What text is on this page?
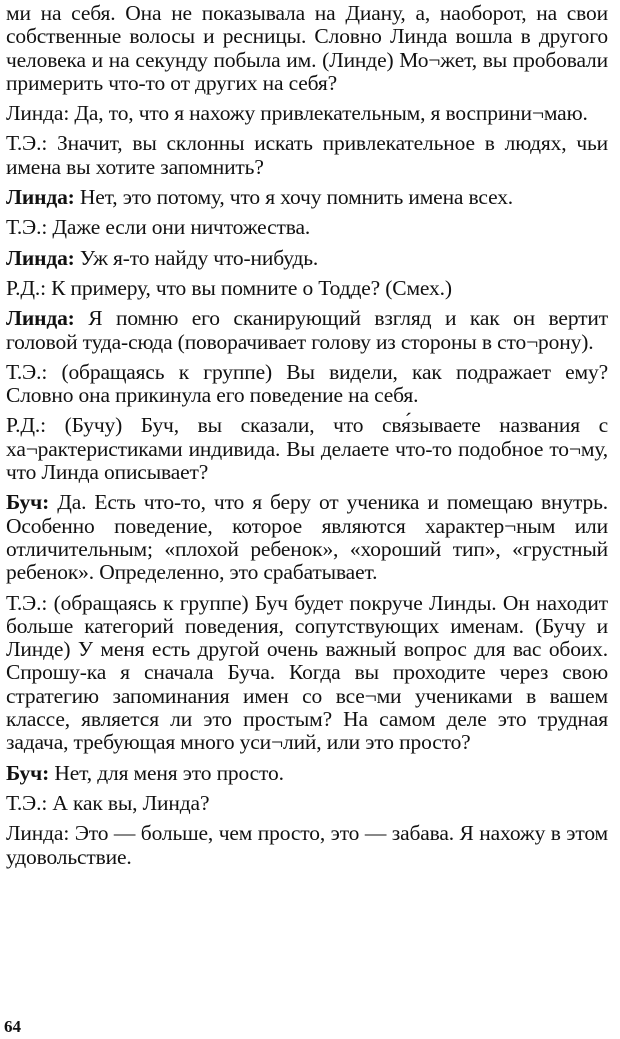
ми на себя. Она не показывала на Диану, а, наоборот, на свои собственные волосы и ресницы. Словно Линда вошла в другого человека и на секунду побыла им. (Линде) Мо¬жет, вы пробовали примерить что-то от других на себя?

Линда: Да, то, что я нахожу привлекательным, я восприни¬маю.

Т.Э.: Значит, вы склонны искать привлекательное в людях, чьи имена вы хотите запомнить?

Линда: Нет, это потому, что я хочу помнить имена всех.

Т.Э.: Даже если они ничтожества.

Линда: Уж я-то найду что-нибудь.

Р.Д.: К примеру, что вы помните о Тодде? (Смех.)

Линда: Я помню его сканирующий взгляд и как он вертит головой туда-сюда (поворачивает голову из стороны в сто¬рону).

Т.Э.: (обращаясь к группе) Вы видели, как подражает ему? Словно она прикинула его поведение на себя.

Р.Д.: (Бучу) Буч, вы сказали, что свя́зываете названия с ха¬рактеристиками индивида. Вы делаете что-то подобное то¬му, что Линда описывает?

Буч: Да. Есть что-то, что я беру от ученика и помещаю внутрь. Особенно поведение, которое являются характер¬ным или отличительным; «плохой ребенок», «хороший тип», «грустный ребенок». Определенно, это срабатывает.

Т.Э.: (обращаясь к группе) Буч будет покруче Линды. Он находит больше категорий поведения, сопутствующих именам. (Бучу и Линде) У меня есть другой очень важный вопрос для вас обоих. Спрошу-ка я сначала Буча. Когда вы проходите через свою стратегию запоминания имен со все¬ми учениками в вашем классе, является ли это простым? На самом деле это трудная задача, требующая много уси¬лий, или это просто?

Буч: Нет, для меня это просто.

Т.Э.: А как вы, Линда?

Линда: Это — больше, чем просто, это — забава. Я нахожу в этом удовольствие.

64
